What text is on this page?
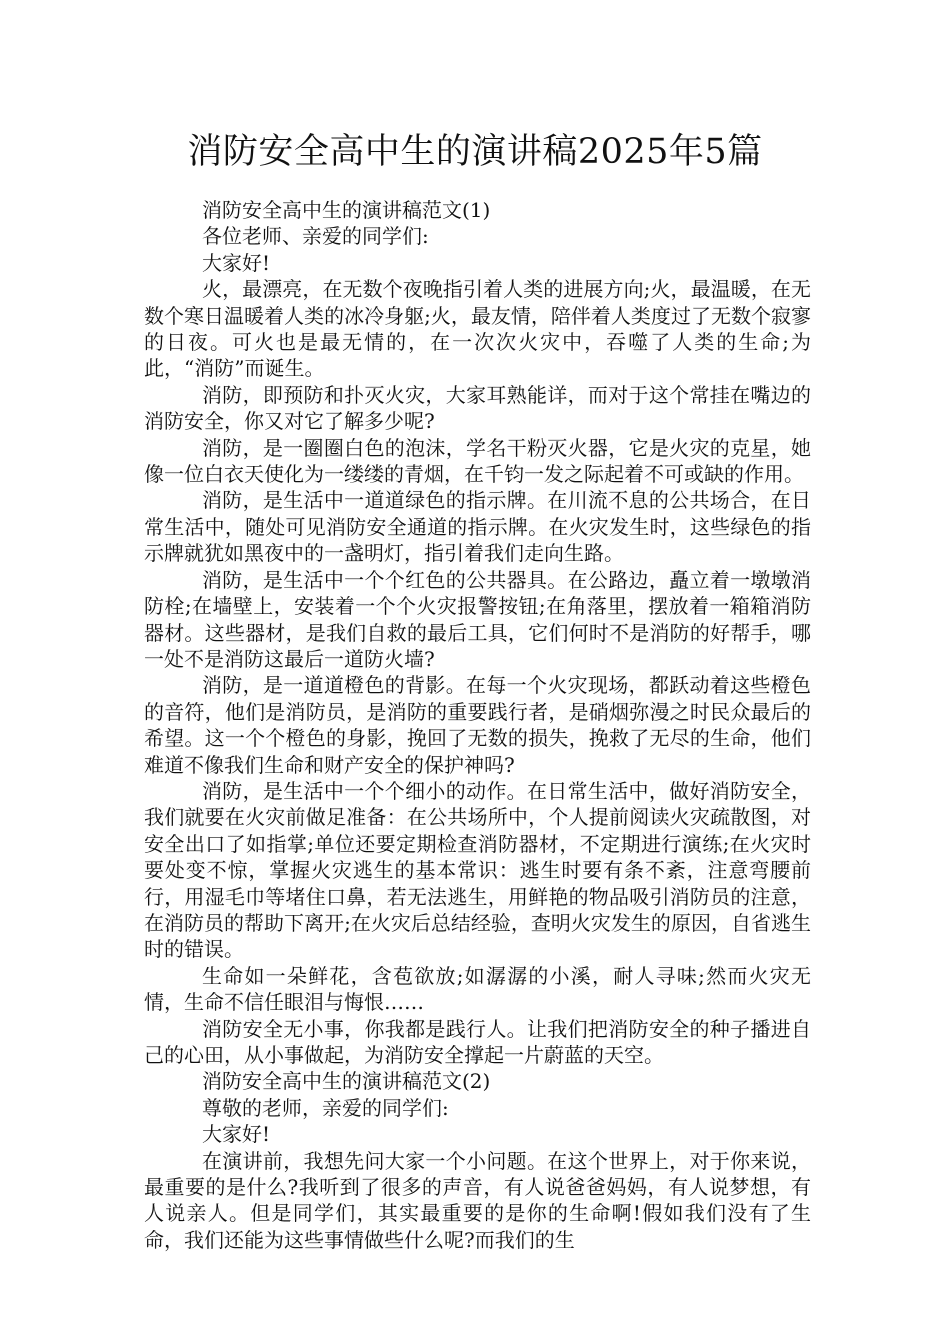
消防安全高中生的演讲稿2025年5篇

消防安全高中生的演讲稿范文(1)

各位老师、亲爱的同学们:

大家好!

火，最漂亮，在无数个夜晚指引着人类的进展方向;火，最温暖，在无数个寒日温暖着人类的冰冷身躯;火，最友情，陪伴着人类度过了无数个寂寥的日夜。可火也是最无情的，在一次次火灾中，吞噬了人类的生命;为此，“消防”而诞生。

消防，即预防和扑灭火灾，大家耳熟能详，而对于这个常挂在嘴边的消防安全，你又对它了解多少呢?

消防，是一圈圈白色的泡沫，学名干粉灭火器，它是火灾的克星，她像一位白衣天使化为一缕缕的青烟，在千钧一发之际起着不可或缺的作用。

消防，是生活中一道道绿色的指示牌。在川流不息的公共场合，在日常生活中，随处可见消防安全通道的指示牌。在火灾发生时，这些绿色的指示牌就犹如黑夜中的一盏明灯，指引着我们走向生路。

消防，是生活中一个个红色的公共器具。在公路边，矗立着一墩墩消防栓;在墙壁上，安装着一个个火灾报警按钮;在角落里，摆放着一箱箱消防器材。这些器材，是我们自救的最后工具，它们何时不是消防的好帮手，哪一处不是消防这最后一道防火墙?

消防，是一道道橙色的背影。在每一个火灾现场，都跃动着这些橙色的音符，他们是消防员，是消防的重要践行者，是硝烟弥漫之时民众最后的希望。这一个个橙色的身影，挽回了无数的损失，挽救了无尽的生命，他们难道不像我们生命和财产安全的保护神吗?

消防，是生活中一个个细小的动作。在日常生活中，做好消防安全，我们就要在火灾前做足准备：在公共场所中，个人提前阅读火灾疏散图，对安全出口了如指掌;单位还要定期检查消防器材，不定期进行演练;在火灾时要处变不惊，掌握火灾逃生的基本常识：逃生时要有条不紊，注意弯腰前行，用湿毛巾等堵住口鼻，若无法逃生，用鲜艳的物品吸引消防员的注意，在消防员的帮助下离开;在火灾后总结经验，查明火灾发生的原因，自省逃生时的错误。

生命如一朵鲜花，含苞欲放;如潺潺的小溪，耐人寻味;然而火灾无情，生命不信任眼泪与悔恨……

消防安全无小事，你我都是践行人。让我们把消防安全的种子播进自己的心田，从小事做起，为消防安全撑起一片蔚蓝的天空。

消防安全高中生的演讲稿范文(2)

尊敬的老师，亲爱的同学们:

大家好!

在演讲前，我想先问大家一个小问题。在这个世界上，对于你来说，最重要的是什么?我听到了很多的声音，有人说爸爸妈妈，有人说梦想，有人说亲人。但是同学们，其实最重要的是你的生命啊!假如我们没有了生命，我们还能为这些事情做些什么呢?而我们的生
